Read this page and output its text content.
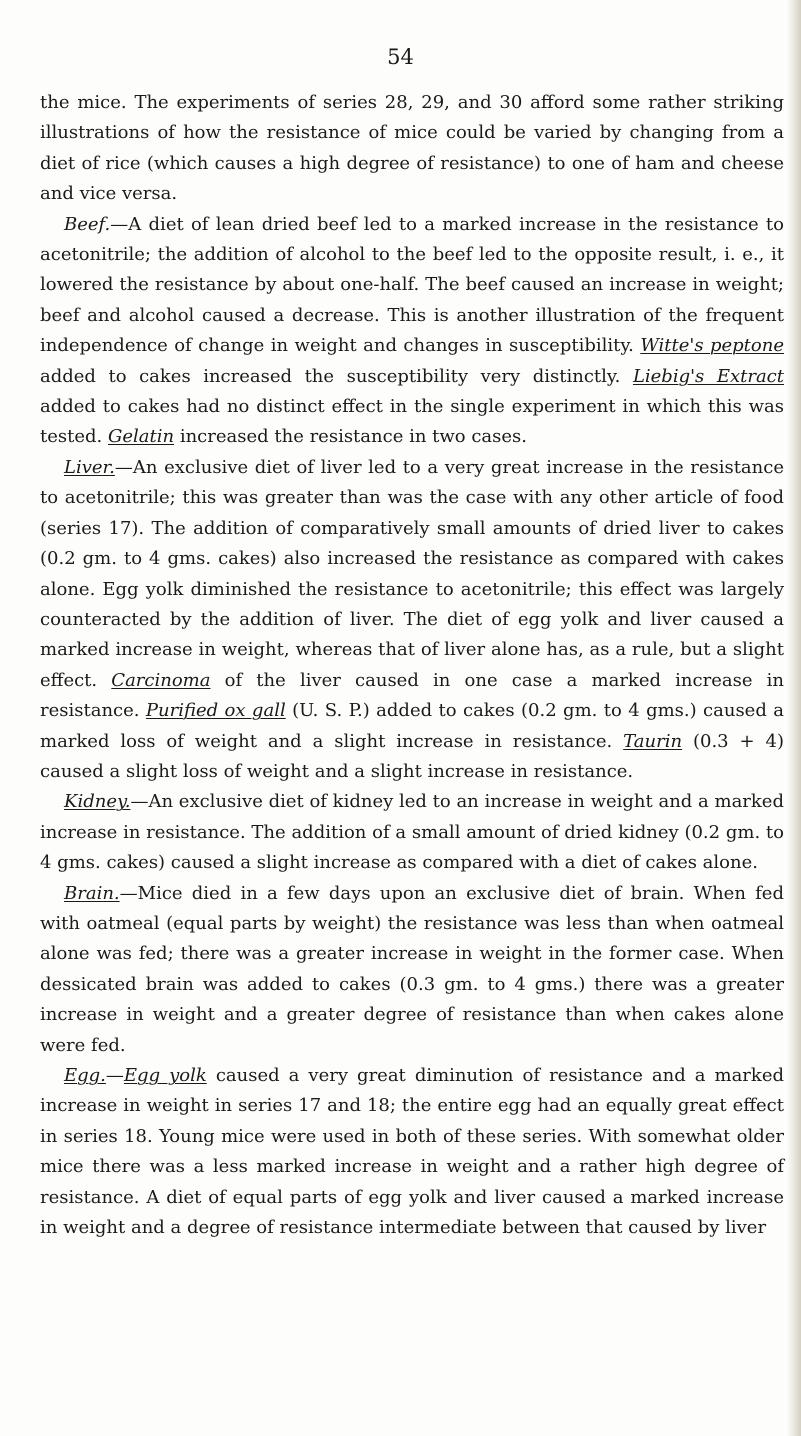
54

the mice. The experiments of series 28, 29, and 30 afford some rather striking illustrations of how the resistance of mice could be varied by changing from a diet of rice (which causes a high degree of resistance) to one of ham and cheese and vice versa.

Beef.—A diet of lean dried beef led to a marked increase in the resistance to acetonitrile; the addition of alcohol to the beef led to the opposite result, i. e., it lowered the resistance by about one-half. The beef caused an increase in weight; beef and alcohol caused a decrease. This is another illustration of the frequent independence of change in weight and changes in susceptibility. Witte's peptone added to cakes increased the susceptibility very distinctly. Liebig's Extract added to cakes had no distinct effect in the single experiment in which this was tested. Gelatin increased the resistance in two cases.

Liver.—An exclusive diet of liver led to a very great increase in the resistance to acetonitrile; this was greater than was the case with any other article of food (series 17). The addition of comparatively small amounts of dried liver to cakes (0.2 gm. to 4 gms. cakes) also increased the resistance as compared with cakes alone. Egg yolk diminished the resistance to acetonitrile; this effect was largely counteracted by the addition of liver. The diet of egg yolk and liver caused a marked increase in weight, whereas that of liver alone has, as a rule, but a slight effect. Carcinoma of the liver caused in one case a marked increase in resistance. Purified ox gall (U. S. P.) added to cakes (0.2 gm. to 4 gms.) caused a marked loss of weight and a slight increase in resistance. Taurin (0.3 + 4) caused a slight loss of weight and a slight increase in resistance.

Kidney.—An exclusive diet of kidney led to an increase in weight and a marked increase in resistance. The addition of a small amount of dried kidney (0.2 gm. to 4 gms. cakes) caused a slight increase as compared with a diet of cakes alone.

Brain.—Mice died in a few days upon an exclusive diet of brain. When fed with oatmeal (equal parts by weight) the resistance was less than when oatmeal alone was fed; there was a greater increase in weight in the former case. When dessicated brain was added to cakes (0.3 gm. to 4 gms.) there was a greater increase in weight and a greater degree of resistance than when cakes alone were fed.

Egg.—Egg yolk caused a very great diminution of resistance and a marked increase in weight in series 17 and 18; the entire egg had an equally great effect in series 18. Young mice were used in both of these series. With somewhat older mice there was a less marked increase in weight and a rather high degree of resistance. A diet of equal parts of egg yolk and liver caused a marked increase in weight and a degree of resistance intermediate between that caused by liver
